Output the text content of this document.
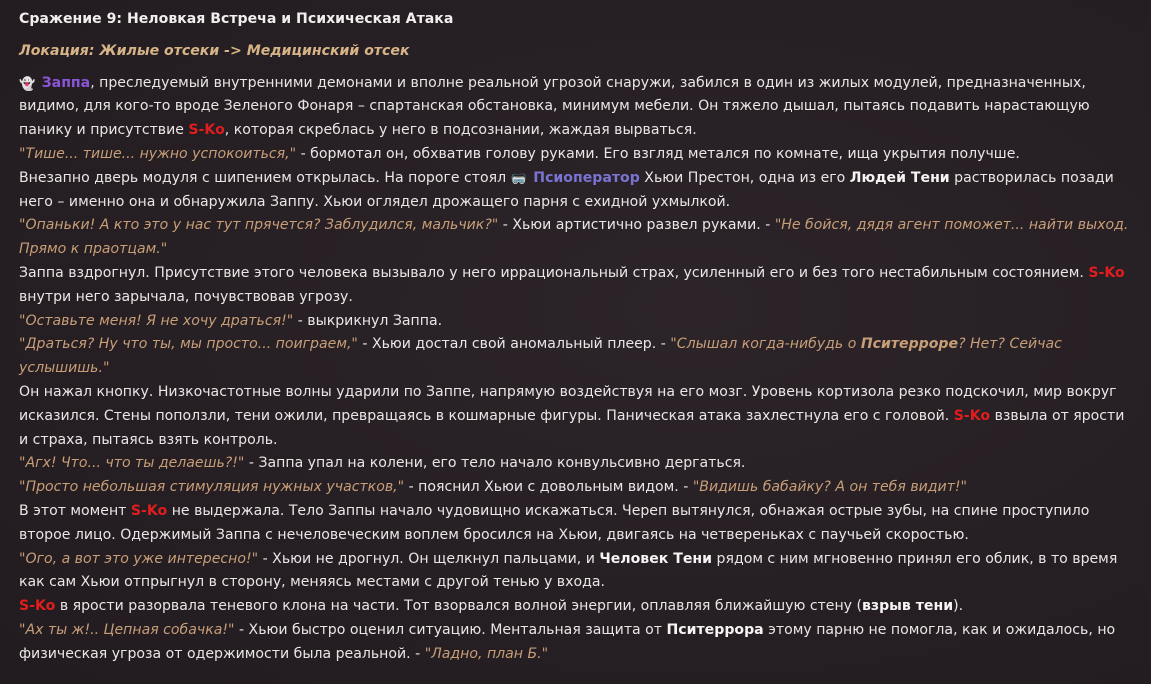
Сражение 9: Неловкая Встреча и Психическая Атака

Локация: Жилые отсеки -> Медицинский отсек

👻 Заппа, преследуемый внутренними демонами и вполне реальной угрозой снаружи, забился в один из жилых модулей, предназначенных, видимо, для кого-то вроде Зеленого Фонаря – спартанская обстановка, минимум мебели. Он тяжело дышал, пытаясь подавить нарастающую панику и присутствие S-Ko, которая скреблась у него в подсознании, жаждая вырваться.

"Тише... тише... нужно успокоиться," - бормотал он, обхватив голову руками. Его взгляд метался по комнате, ища укрытия получше.

Внезапно дверь модуля с шипением открылась. На пороге стоял 🥽 Псиоператор Хьюи Престон, одна из его Людей Тени растворилась позади него – именно она и обнаружила Заппу. Хьюи оглядел дрожащего парня с ехидной ухмылкой.

"Опаньки! А кто это у нас тут прячется? Заблудился, мальчик?" - Хьюи артистично развел руками. - "Не бойся, дядя агент поможет... найти выход. Прямо к праотцам."

Заппа вздрогнул. Присутствие этого человека вызывало у него иррациональный страх, усиленный его и без того нестабильным состоянием. S-Ko внутри него зарычала, почувствовав угрозу.

"Оставьте меня! Я не хочу драться!" - выкрикнул Заппа.

"Драться? Ну что ты, мы просто... поиграем," - Хьюи достал свой аномальный плеер. - "Слышал когда-нибудь о Пситерроре? Нет? Сейчас услышишь."

Он нажал кнопку. Низкочастотные волны ударили по Заппе, напрямую воздействуя на его мозг. Уровень кортизола резко подскочил, мир вокруг исказился. Стены поползли, тени ожили, превращаясь в кошмарные фигуры. Паническая атака захлестнула его с головой. S-Ko взвыла от ярости и страха, пытаясь взять контроль.

"Агх! Что... что ты делаешь?!" - Заппа упал на колени, его тело начало конвульсивно дергаться.

"Просто небольшая стимуляция нужных участков," - пояснил Хьюи с довольным видом. - "Видишь бабайку? А он тебя видит!"

В этот момент S-Ko не выдержала. Тело Заппы начало чудовищно искажаться. Череп вытянулся, обнажая острые зубы, на спине проступило второе лицо. Одержимый Заппа с нечеловеческим воплем бросился на Хьюи, двигаясь на четвереньках с паучьей скоростью.

"Ого, а вот это уже интересно!" - Хьюи не дрогнул. Он щелкнул пальцами, и Человек Тени рядом с ним мгновенно принял его облик, в то время как сам Хьюи отпрыгнул в сторону, меняясь местами с другой тенью у входа.

S-Ko в ярости разорвала теневого клона на части. Тот взорвался волной энергии, оплавляя ближайшую стену (взрыв тени).

"Ах ты ж!.. Цепная собачка!" - Хьюи быстро оценил ситуацию. Ментальная защита от Пситеррора этому парню не помогла, как и ожидалось, но физическая угроза от одержимости была реальной. - "Ладно, план Б."
